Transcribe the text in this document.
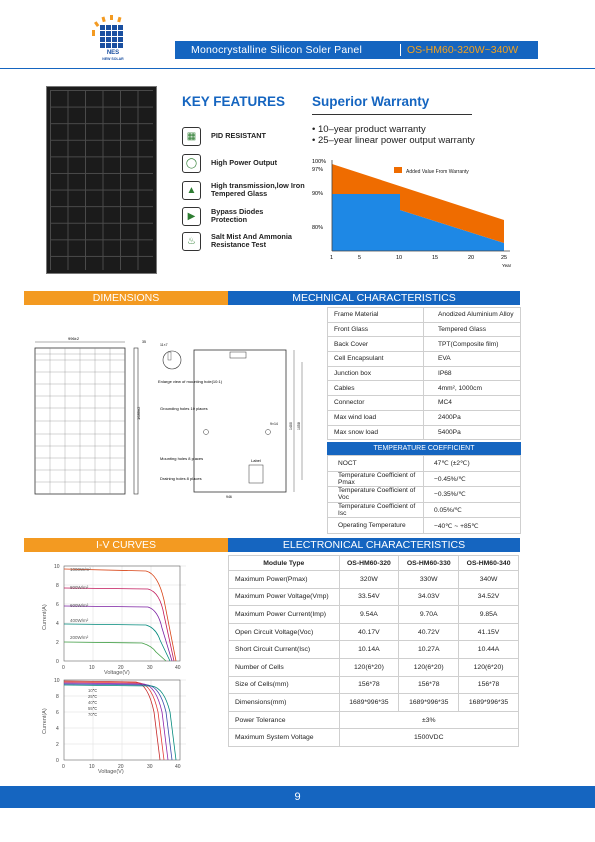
NES
NEW SOLAR
Monocrystalline Silicon Soler Panel	OS-HM60-320W~340W
KEY FEATURES
▦	PID RESISTANT
◯	High Power Output
▲	High transmission,low Iron Tempered Glass
▶	Bypass Diodes Protection
♨	Salt Mist And Ammonia Resistance Test
Superior Warranty
• 10–year product warranty
• 25–year linear power output warranty
Added Value From Warranty
100%
97%
90%
80%
1	5	10	15	20	25
Year
DIMENSIONS	MECHNICAL CHARACTERISTICS
996±2
1689±2
35
11×7
Enlarge view of mounting hole(10:1)
Grounding holes 10 places
Mounting holes 8 places
Draining holes 8 places
Label
1400 1058
946
9×14
Frame Material	Anodized Aluminium Alloy
Front Glass	Tempered Glass
Back Cover	TPT(Composite film)
Cell Encapsulant	EVA
Junction box	IP68
Cables	4mm², 1000cm
Connector	MC4
Max wind load	2400Pa
Max snow load	5400Pa
TEMPERATURE COEFFICIENT
NOCT	47℃ (±2℃)
Temperature Coefficient of Pmax	−0.45%/℃
Temperature Coefficient of Voc	−0.35%/℃
Temperature Coefficient of Isc	0.05%/℃
Operating Temperature	−40℃ ~ +85℃
I-V CURVES	ELECTRONICAL CHARACTERISTICS
1000W/m²
800W/m²
600W/m²
400W/m²
200W/m²
10
8
6
4
2
0
0	10	20	30	40
Current(A)
Voltage(V)
10℃
25℃
40℃
55℃
70℃
10
8
6
4
2
0
0	10	20	30	40
Current(A)
Voltage(V)
Module Type	OS-HM60-320	OS-HM60-330	OS-HM60-340
Maximum Power(Pmax)	320W	330W	340W
Maximum Power Voltage(Vmp)	33.54V	34.03V	34.52V
Maximum Power Current(Imp)	9.54A	9.70A	9.85A
Open Circuit Voltage(Voc)	40.17V	40.72V	41.15V
Short Circuit Current(Isc)	10.14A	10.27A	10.44A
Number of Cells	120(6*20)	120(6*20)	120(6*20)
Size of Cells(mm)	156*78	156*78	156*78
Dimensions(mm)	1689*996*35	1689*996*35	1689*996*35
Power Tolerance	±3%		
Maximum System Voltage	1500VDC		
9
